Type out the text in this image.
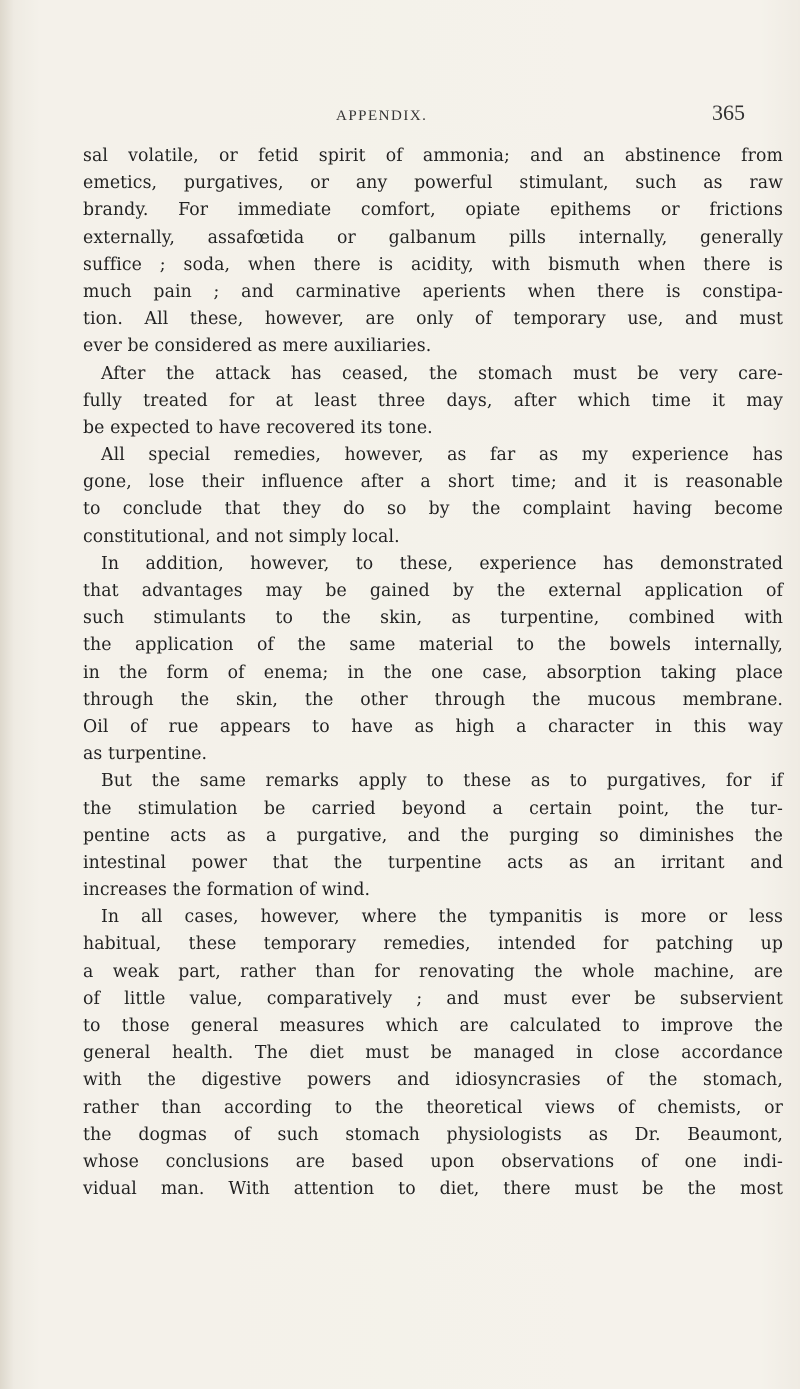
APPENDIX.	365
sal volatile, or fetid spirit of ammonia; and an abstinence from
emetics, purgatives, or any powerful stimulant, such as raw
brandy. For immediate comfort, opiate epithems or frictions
externally, assafœtida or galbanum pills internally, generally
suffice ; soda, when there is acidity, with bismuth when there is
much pain ; and carminative aperients when there is constipa-
tion. All these, however, are only of temporary use, and must
ever be considered as mere auxiliaries.
After the attack has ceased, the stomach must be very care-
fully treated for at least three days, after which time it may
be expected to have recovered its tone.
All special remedies, however, as far as my experience has
gone, lose their influence after a short time; and it is reasonable
to conclude that they do so by the complaint having become
constitutional, and not simply local.
In addition, however, to these, experience has demonstrated
that advantages may be gained by the external application of
such stimulants to the skin, as turpentine, combined with
the application of the same material to the bowels internally,
in the form of enema; in the one case, absorption taking place
through the skin, the other through the mucous membrane.
Oil of rue appears to have as high a character in this way
as turpentine.
But the same remarks apply to these as to purgatives, for if
the stimulation be carried beyond a certain point, the tur-
pentine acts as a purgative, and the purging so diminishes the
intestinal power that the turpentine acts as an irritant and
increases the formation of wind.
In all cases, however, where the tympanitis is more or less
habitual, these temporary remedies, intended for patching up
a weak part, rather than for renovating the whole machine, are
of little value, comparatively ; and must ever be subservient
to those general measures which are calculated to improve the
general health. The diet must be managed in close accordance
with the digestive powers and idiosyncrasies of the stomach,
rather than according to the theoretical views of chemists, or
the dogmas of such stomach physiologists as Dr. Beaumont,
whose conclusions are based upon observations of one indi-
vidual man. With attention to diet, there must be the most
